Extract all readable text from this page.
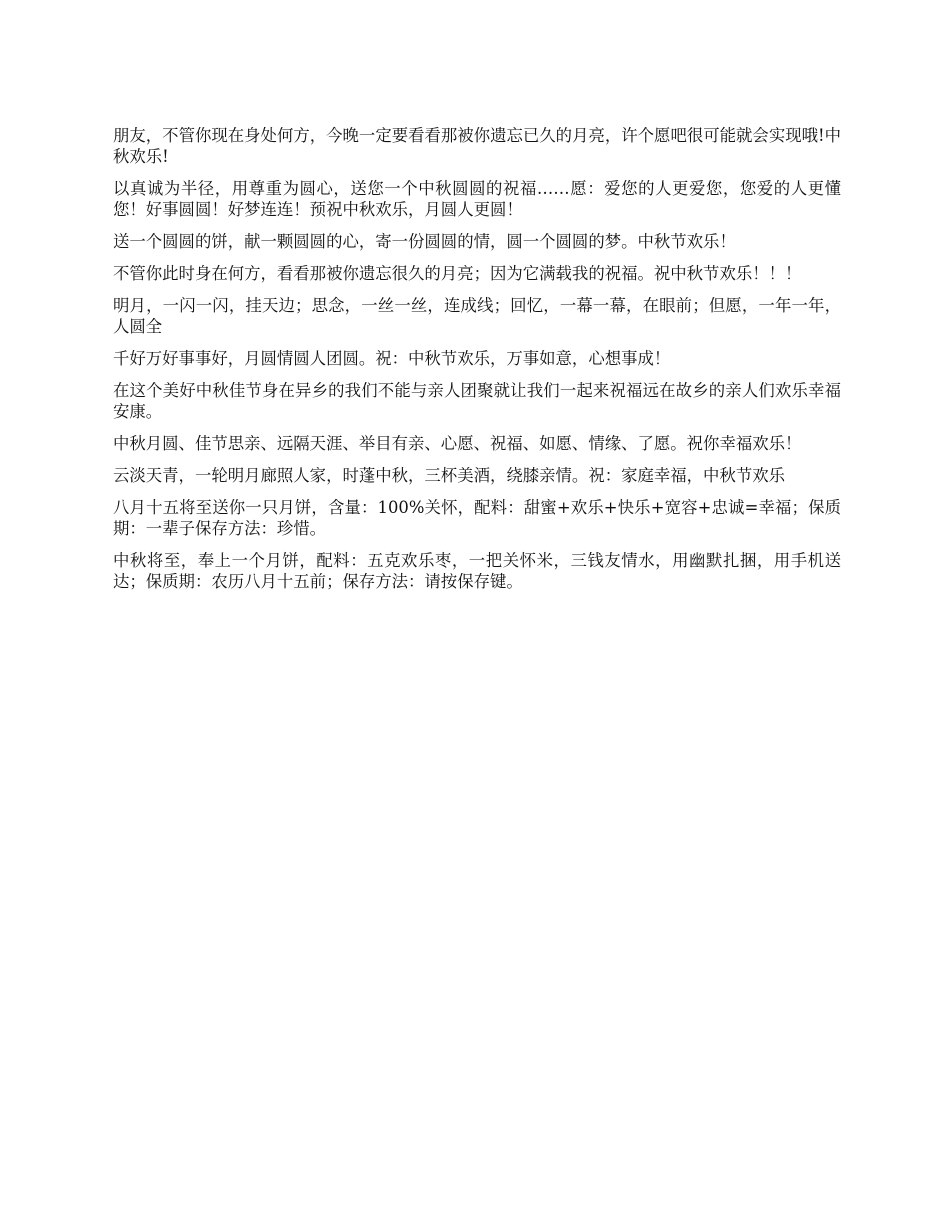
朋友，不管你现在身处何方，今晚一定要看看那被你遗忘已久的月亮，许个愿吧很可能就会实现哦!中秋欢乐!

以真诚为半径，用尊重为圆心，送您一个中秋圆圆的祝福……愿：爱您的人更爱您，您爱的人更懂您！好事圆圆！好梦连连！预祝中秋欢乐，月圆人更圆！

送一个圆圆的饼，献一颗圆圆的心，寄一份圆圆的情，圆一个圆圆的梦。中秋节欢乐！

不管你此时身在何方，看看那被你遗忘很久的月亮；因为它满载我的祝福。祝中秋节欢乐！！！

明月，一闪一闪，挂天边；思念，一丝一丝，连成线；回忆，一幕一幕，在眼前；但愿，一年一年，人圆全

千好万好事事好，月圆情圆人团圆。祝：中秋节欢乐，万事如意，心想事成！

在这个美好中秋佳节身在异乡的我们不能与亲人团聚就让我们一起来祝福远在故乡的亲人们欢乐幸福安康。

中秋月圆、佳节思亲、远隔天涯、举目有亲、心愿、祝福、如愿、情缘、了愿。祝你幸福欢乐！

云淡天青，一轮明月廊照人家，时蓬中秋，三杯美酒，绕膝亲情。祝：家庭幸福，中秋节欢乐

八月十五将至送你一只月饼，含量：100%关怀，配料：甜蜜+欢乐+快乐+宽容+忠诚=幸福；保质期：一辈子保存方法：珍惜。

中秋将至，奉上一个月饼，配料：五克欢乐枣，一把关怀米，三钱友情水，用幽默扎捆，用手机送达；保质期：农历八月十五前；保存方法：请按保存键。
